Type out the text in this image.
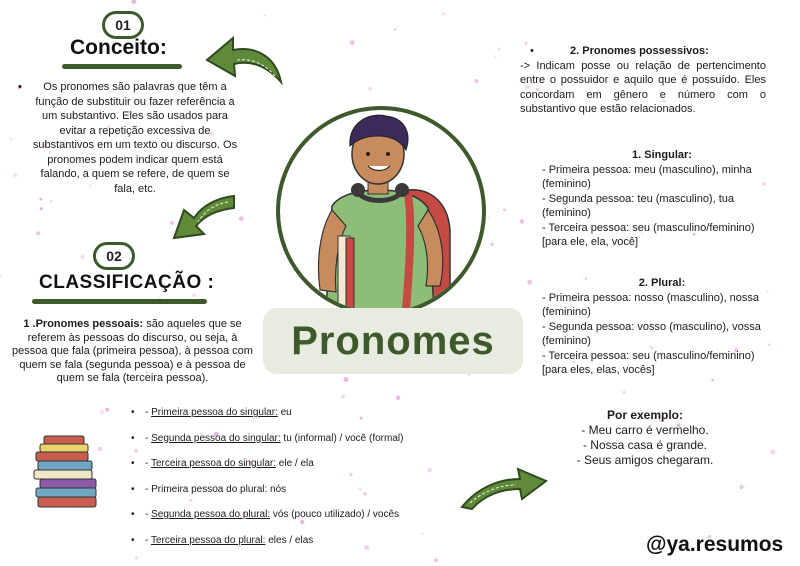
01
Conceito:
• Os pronomes são palavras que têm a função de substituir ou fazer referência a um substantivo. Eles são usados para evitar a repetição excessiva de substantivos em um texto ou discurso. Os pronomes podem indicar quem está falando, a quem se refere, de quem se fala, etc.
02
CLASSIFICAÇÃO :
1 .Pronomes pessoais: são aqueles que se referem às pessoas do discurso, ou seja, à pessoa que fala (primeira pessoa), à pessoa com quem se fala (segunda pessoa) e à pessoa de quem se fala (terceira pessoa).
• - Primeira pessoa do singular: eu
• - Segunda pessoa do singular: tu (informal) / você (formal)
• - Terceira pessoa do singular: ele / ela
• - Primeira pessoa do plural: nós
• - Segunda pessoa do plural: vós (pouco utilizado) / vocês
• - Terceira pessoa do plural: eles / elas
Pronomes
•	2. Pronomes possessivos:
-> Indicam posse ou relação de pertencimento entre o possuidor e aquilo que é possuído. Eles concordam em gênero e número com o substantivo que estão relacionados.
1. Singular:
- Primeira pessoa: meu (masculino), minha (feminino)
- Segunda pessoa: teu (masculino), tua (feminino)
- Terceira pessoa: seu (masculino/feminino) [para ele, ela, você]
2. Plural:
- Primeira pessoa: nosso (masculino), nossa (feminino)
- Segunda pessoa: vosso (masculino), vossa (feminino)
- Terceira pessoa: seu (masculino/feminino) [para eles, elas, vocês]
Por exemplo:
- Meu carro é vermelho.
- Nossa casa é grande.
- Seus amigos chegaram.
@ya.resumos
